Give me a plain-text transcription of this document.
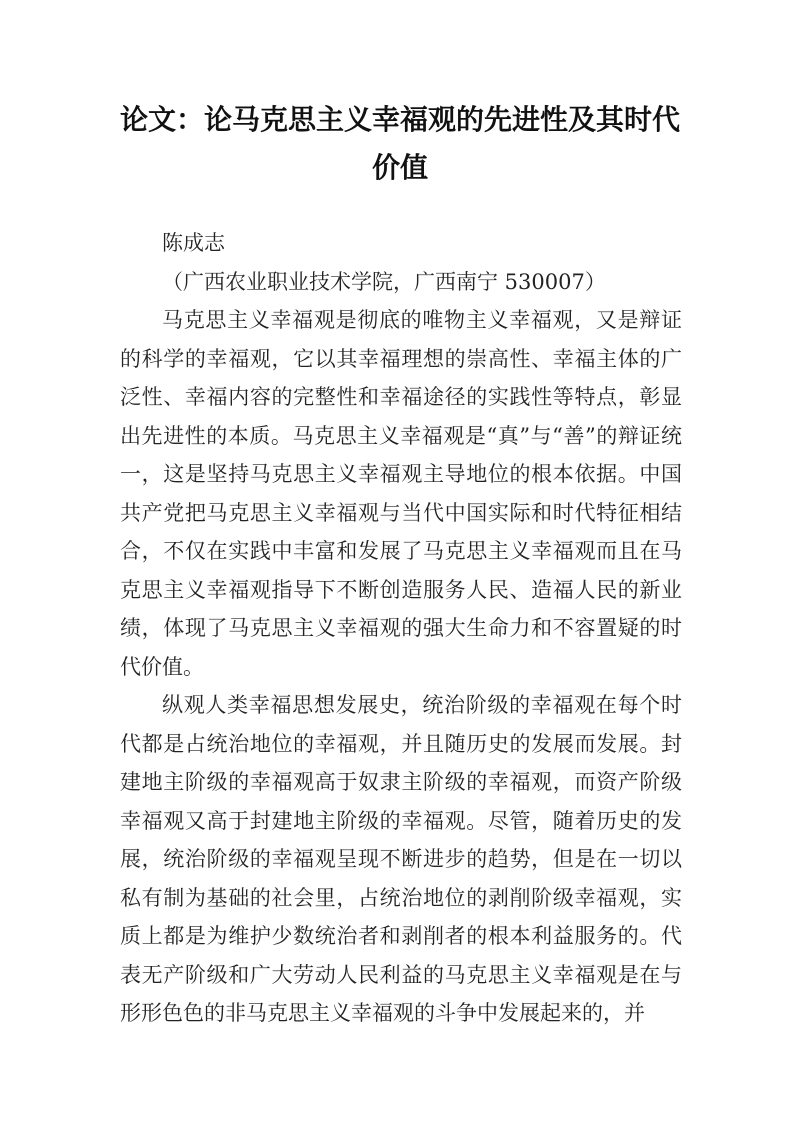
论文：论马克思主义幸福观的先进性及其时代价值

陈成志

（广西农业职业技术学院，广西南宁 530007）

马克思主义幸福观是彻底的唯物主义幸福观，又是辩证的科学的幸福观，它以其幸福理想的崇高性、幸福主体的广泛性、幸福内容的完整性和幸福途径的实践性等特点，彰显出先进性的本质。马克思主义幸福观是“真”与“善”的辩证统一，这是坚持马克思主义幸福观主导地位的根本依据。中国共产党把马克思主义幸福观与当代中国实际和时代特征相结合，不仅在实践中丰富和发展了马克思主义幸福观而且在马克思主义幸福观指导下不断创造服务人民、造福人民的新业绩，体现了马克思主义幸福观的强大生命力和不容置疑的时代价值。

纵观人类幸福思想发展史，统治阶级的幸福观在每个时代都是占统治地位的幸福观，并且随历史的发展而发展。封建地主阶级的幸福观高于奴隶主阶级的幸福观，而资产阶级幸福观又高于封建地主阶级的幸福观。尽管，随着历史的发展，统治阶级的幸福观呈现不断进步的趋势，但是在一切以私有制为基础的社会里，占统治地位的剥削阶级幸福观，实质上都是为维护少数统治者和剥削者的根本利益服务的。代表无产阶级和广大劳动人民利益的马克思主义幸福观是在与形形色色的非马克思主义幸福观的斗争中发展起来的，并
